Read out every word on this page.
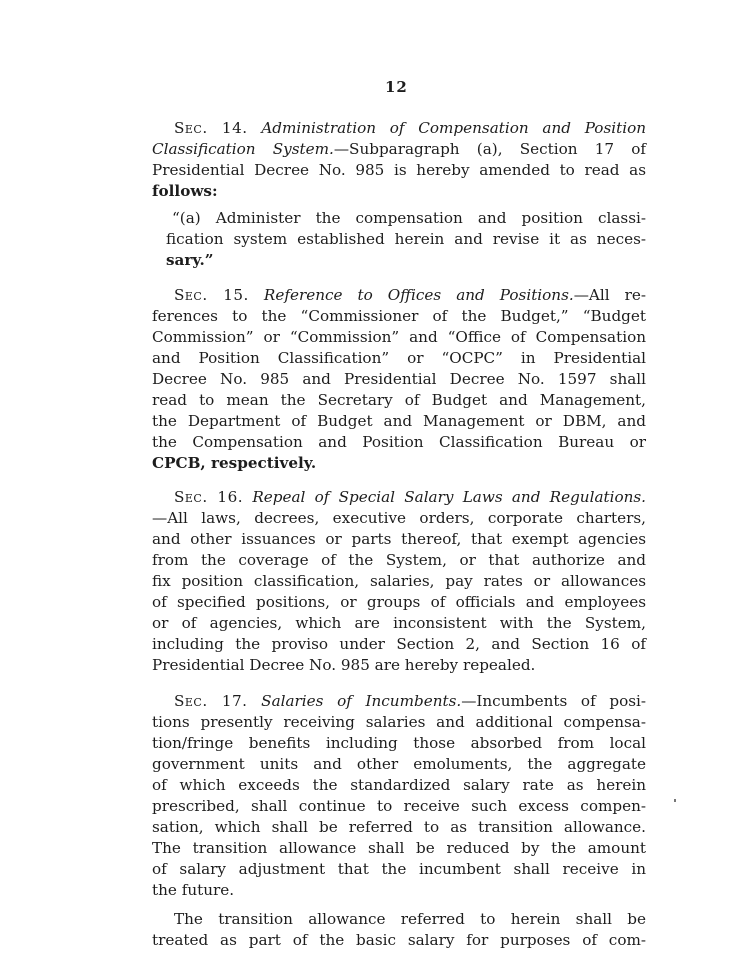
12
Sec. 14. Administration of Compensation and Position
Classification System.—Subparagraph (a), Section 17 of
Presidential Decree No. 985 is hereby amended to read as
follows:
“(a) Administer the compensation and position classi-
fication system established herein and revise it as neces-
sary.”
Sec. 15. Reference to Offices and Positions.—All re-
ferences to the “Commissioner of the Budget,” “Budget
Commission” or “Commission” and “Office of Compensation
and Position Classification” or “OCPC” in Presidential
Decree No. 985 and Presidential Decree No. 1597 shall
read to mean the Secretary of Budget and Management,
the Department of Budget and Management or DBM, and
the Compensation and Position Classification Bureau or
CPCB, respectively.
Sec. 16. Repeal of Special Salary Laws and Regulations.
—All laws, decrees, executive orders, corporate charters,
and other issuances or parts thereof, that exempt agencies
from the coverage of the System, or that authorize and
fix position classification, salaries, pay rates or allowances
of specified positions, or groups of officials and employees
or of agencies, which are inconsistent with the System,
including the proviso under Section 2, and Section 16 of
Presidential Decree No. 985 are hereby repealed.
Sec. 17. Salaries of Incumbents.—Incumbents of posi-
tions presently receiving salaries and additional compensa-
tion/fringe benefits including those absorbed from local
government units and other emoluments, the aggregate
of which exceeds the standardized salary rate as herein
prescribed, shall continue to receive such excess compen-
sation, which shall be referred to as transition allowance.
The transition allowance shall be reduced by the amount
of salary adjustment that the incumbent shall receive in
the future.
The transition allowance referred to herein shall be
treated as part of the basic salary for purposes of com-
